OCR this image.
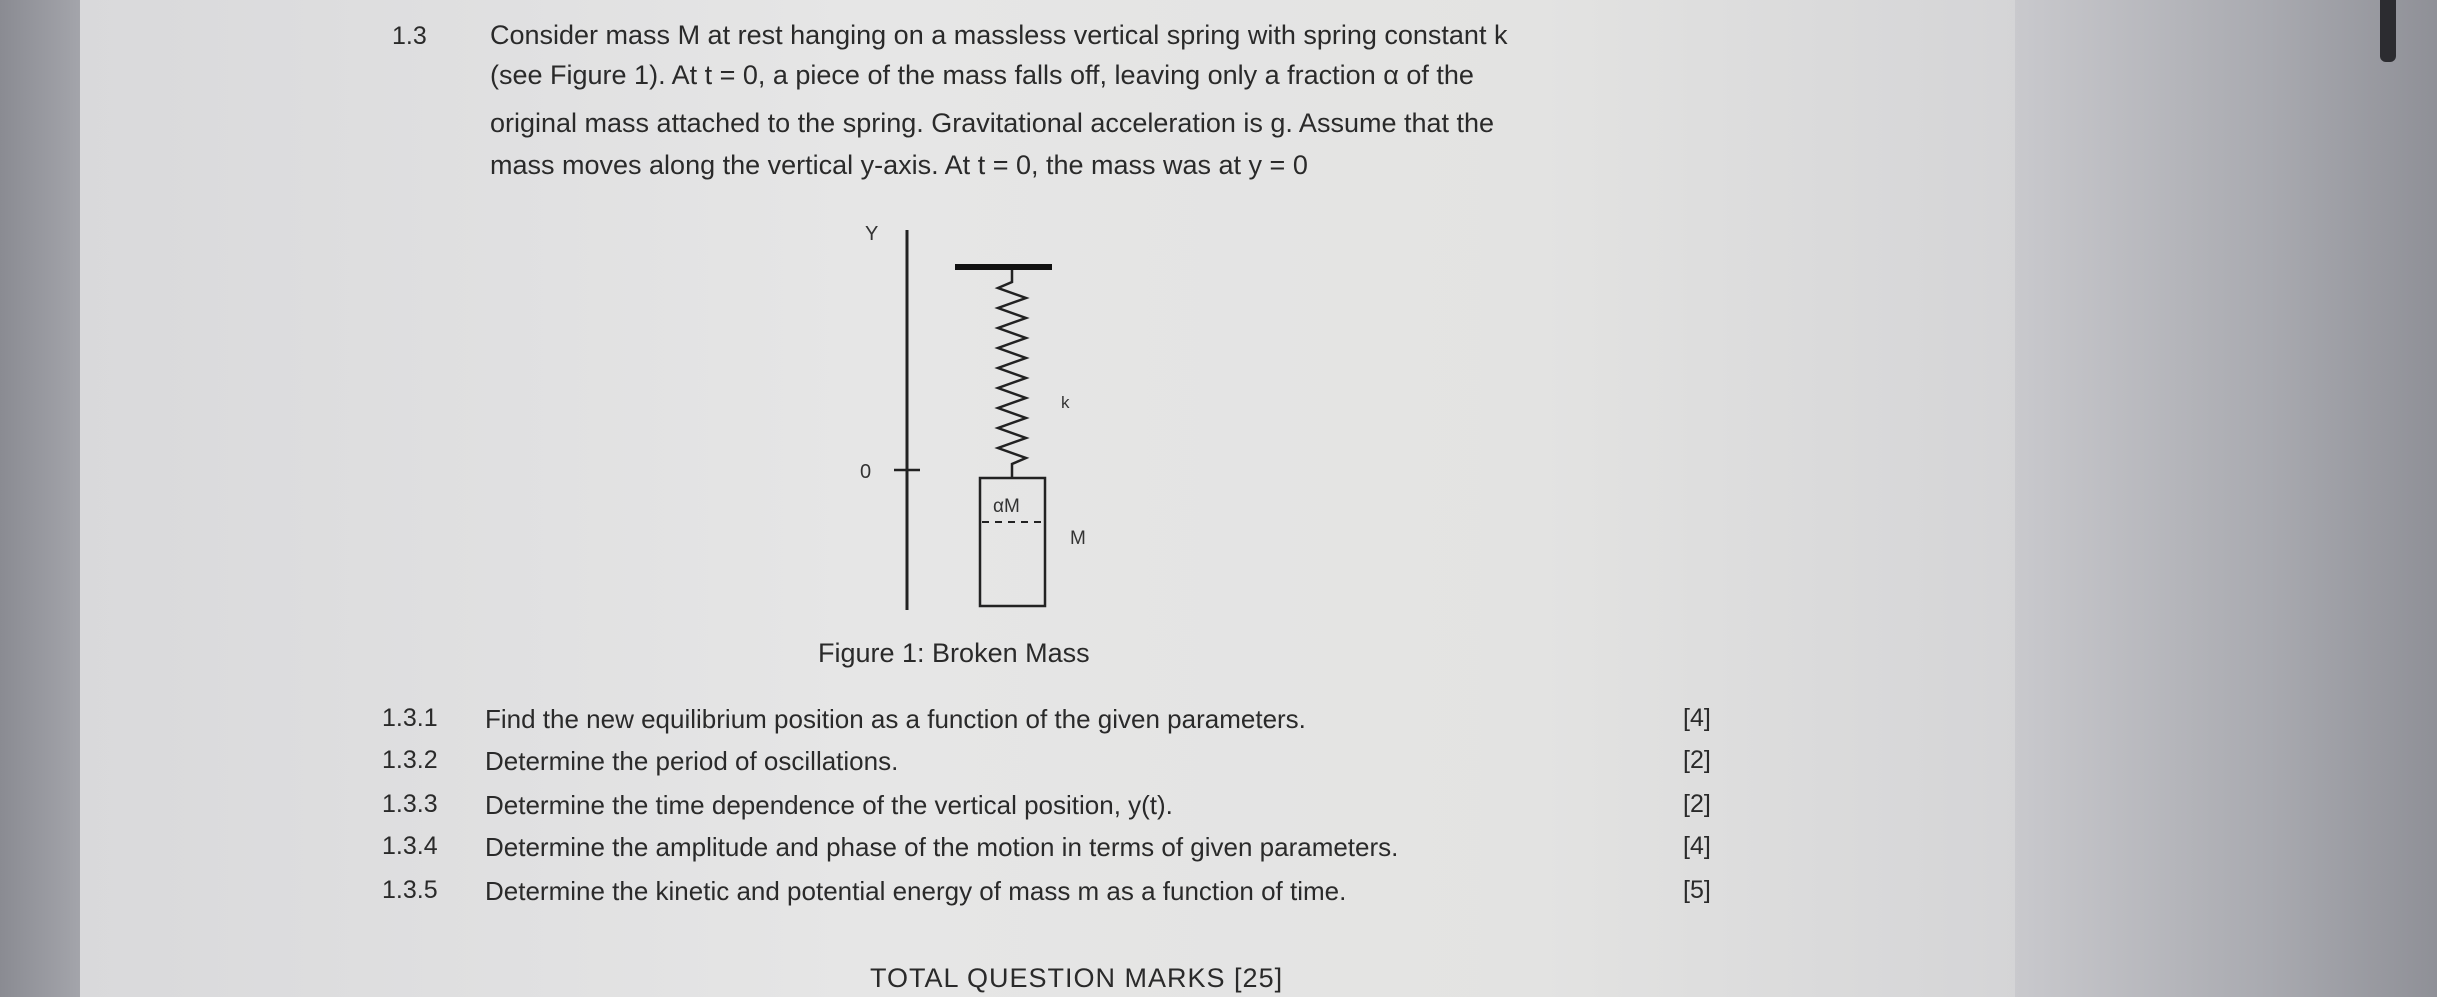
1.3 Consider mass M at rest hanging on a massless vertical spring with spring constant k
(see Figure 1). At t = 0, a piece of the mass falls off, leaving only a fraction α of the
original mass attached to the spring. Gravitational acceleration is g. Assume that the
mass moves along the vertical y-axis. At t = 0, the mass was at y = 0
Y
0
k
αM
M
Figure 1: Broken Mass
1.3.1 Find the new equilibrium position as a function of the given parameters.	[4]
1.3.2 Determine the period of oscillations.	[2]
1.3.3 Determine the time dependence of the vertical position, y(t).	[2]
1.3.4 Determine the amplitude and phase of the motion in terms of given parameters.	[4]
1.3.5 Determine the kinetic and potential energy of mass m as a function of time.	[5]
TOTAL QUESTION MARKS [25]
